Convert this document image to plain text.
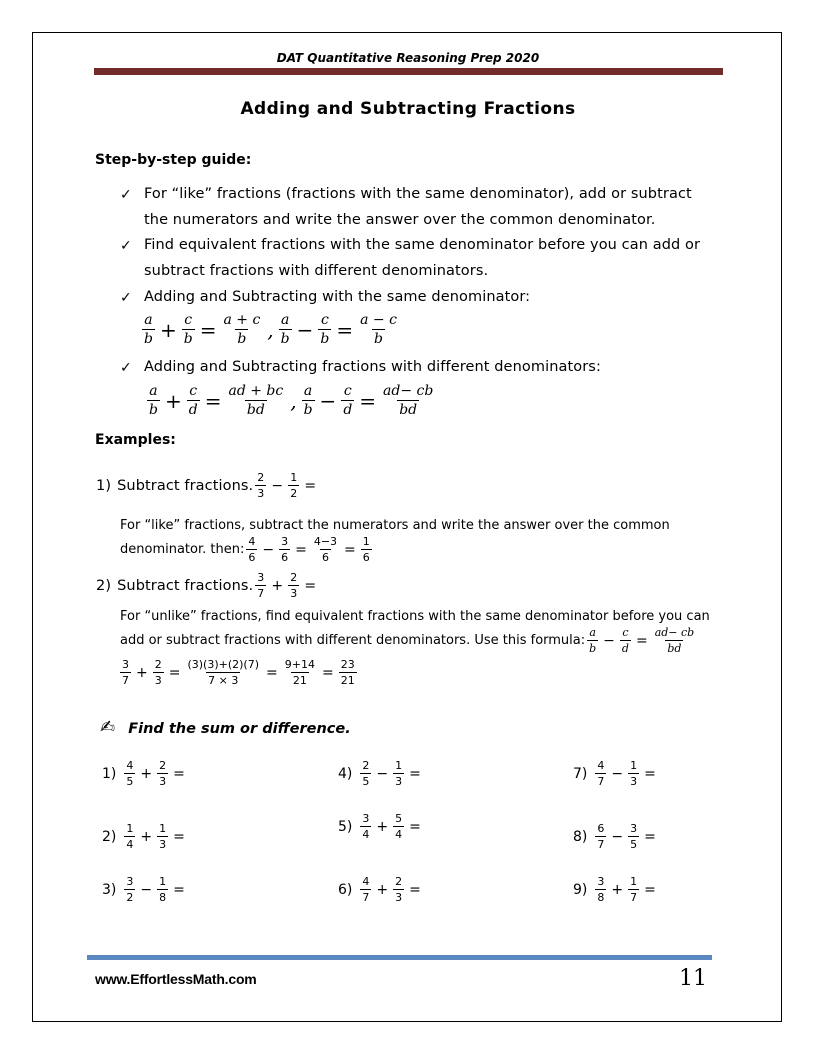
DAT Quantitative Reasoning Prep 2020
Adding and Subtracting Fractions
Step-by-step guide:
✓ For “like” fractions (fractions with the same denominator), add or subtract
the numerators and write the answer over the common denominator.
✓ Find equivalent fractions with the same denominator before you can add or
subtract fractions with different denominators.
✓ Adding and Subtracting with the same denominator:
$\frac{a}{b} + \frac{c}{b} = \frac{a + c}{b}$ , $\frac{a}{b} - \frac{c}{b} = \frac{a - c}{b}$
✓ Adding and Subtracting fractions with different denominators:
$\frac{a}{b} + \frac{c}{d} = \frac{ad + bc}{bd}$ , $\frac{a}{b} - \frac{c}{d} = \frac{ad- cb}{bd}$
Examples:
1) Subtract fractions. $\frac{2}{3} - \frac{1}{2}$ =
For “like” fractions, subtract the numerators and write the answer over the common
denominator. then: $\frac{4}{6} - \frac{3}{6} = \frac{4-3}{6} = \frac{1}{6}$
2) Subtract fractions. $\frac{3}{7} + \frac{2}{3}$ =
For “unlike” fractions, find equivalent fractions with the same denominator before you can
add or subtract fractions with different denominators. Use this formula: $\frac{a}{b} - \frac{c}{d} = \frac{ad- cb}{bd}$
$\frac{3}{7} + \frac{2}{3} = \frac{(3)(3)+(2)(7)}{7 \times 3} = \frac{9+14}{21} = \frac{23}{21}$
✍ Find the sum or difference.
$1) \frac{4}{5} + \frac{2}{3}$ =
$2) \frac{1}{4} + \frac{1}{3}$ =
$3) \frac{3}{2} - \frac{1}{8}$ =
$4) \frac{2}{5} - \frac{1}{3}$ =
$5) \frac{3}{4} + \frac{5}{4}$ =
$6) \frac{4}{7} + \frac{2}{3}$ =
$7) \frac{4}{7} - \frac{1}{3}$ =
$8) \frac{6}{7} - \frac{3}{5}$ =
$9) \frac{3}{8} + \frac{1}{7}$ =
www.EffortlessMath.com	11
